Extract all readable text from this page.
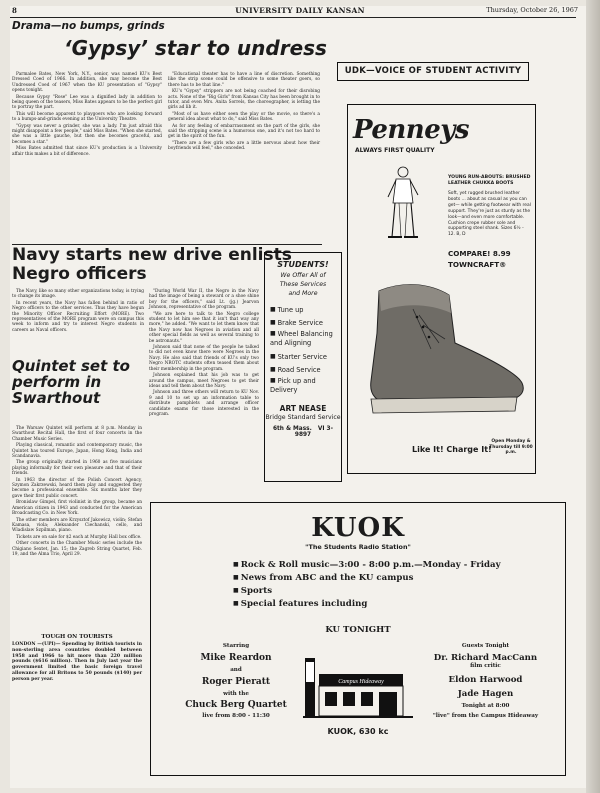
8	UNIVERSITY DAILY KANSAN	Thursday, October 26, 1967
Drama—no bumps, grinds
‘Gypsy’ star to undress

Parmalee Bates, New York, N.Y., senior, was named KU's Best Dressed Coed of 1966. In addition, she may become the Best Undressed Coed of 1967 when the KU presentation of "Gypsy" opens tonight.

Because Gypsy "Rose" Lee was a dignified lady in addition to being queen of the teasers, Miss Bates appears to be the perfect girl to portray the part.

This will become apparent to playgoers who are looking forward to a bumps-and-grinds evening at the University Theatre.

"Gypsy was never a grinder, she was a lady. I'm just afraid this might disappoint a few people," said Miss Bates. "When she started, she was a little gauche, but then she becomes graceful, and becomes a star."

Miss Bates admitted that since KU's production is a University affair this makes a bit of difference.

"Educational theater has to have a line of discretion. Something like the strip scene could be offensive to some theater goers, so there has to be that line."

KU's "Gypsy" strippers are not being coached for their disrobing acts. None of the "Big Girls" from Kansas City has been brought in to tutor, and even Mrs. Anita Sorrels, the choreographer, is letting the girls ad lib it.

"Most of us have either seen the play or the movie, so there's a general idea about what to do," said Miss Bates.

As for any feeling of embarrassment on the part of the girls, she said the stripping scene is a humorous one, and it's not too hard to get in the spirit of the fun.

"There are a few girls who are a little nervous about how their boyfriends will feel," she conceded.

UDK—VOICE OF STUDENT ACTIVITY
Navy starts new drive enlists Negro officers

The Navy, like so many other organizations today, is trying to change its image.

In recent years, the Navy has fallen behind in ratio of Negro officers to the other services. Thus they have begun the Minority Officer Recruiting Effort (MORE). Two representatives of the MORE program were on campus this week to inform and try to interest Negro students in careers as Naval officers.

"During World War II, the Negro in the Navy had the image of being a steward or a shoe shine boy for the officers," said Lt. (jg.) Jearvon Johnson, representative of the program.

"We are here to talk to the Negro college student to let him see that it isn't that way any more," he added. "We want to let them know that the Navy now has Negroes in aviation and all other special fields as well as several training to be astronauts."

Johnson said that none of the people he talked to did not even know there were Negroes in the Navy. He also said that friends of KU's only two Negro NROTC students often teased them about their membership in the program.

Johnson explained that his job was to get around the campus, meet Negroes to get their ideas and tell them about the Navy.

Johnson and three others will return to KU Nov. 9 and 10 to set up an information table to distribute pamphlets and arrange officer candidate exams for those interested in the program.

Quintet set to perform in Swarthout

The Warsaw Quintet will perform at 8 p.m. Monday in Swarthout Recital Hall, the first of four concerts in the Chamber Music Series.

Playing classical, romantic and contemporary music, the Quintet has toured Europe, Japan, Hong Kong, India and Scandanavia.

The group originally started in 1960 as five musicians playing informally for their own pleasure and that of their friends.

In 1963 the director of the Polish Concert Agency, Szymon Zakrzewski, heard them play and suggested they become a professional ensemble. Six months later they gave their first public concert.

Bronislaw Gimpel, first violinist in the group, became an American citizen in 1943 and conducted for the American Broadcasting Co. in New York.

The other members are Krzysztof Jakowicz, violin; Stefan Kamasa, viola; Aleksander Ciechanski, cello, and Wladislaw Szpilman, piano.

Tickets are on sale for $2 each at Murphy Hall box office.

Other concerts in the Chamber Music series include the Chigiano Sextet, Jan. 15; the Zagreb String Quartet, Feb. 19, and the Alma Trio, April 29.

TOUGH ON TOURISTS
LONDON —(UPI)— Spending by British tourists in non-sterling area countries doubled between 1958 and 1966 to hit more than 220 million pounds ($616 million). Then in July last year the government limited the basic foreign travel allowance for all Britons to 50 pounds ($140) per person per year.
STUDENTS!
We Offer All of
These Services
and More
■ Tune up
■ Brake Service
■ Wheel Balancing and Aligning
■ Starter Service
■ Road Service
■ Pick up and Delivery
ART NEASE
Bridge Standard Service
6th & Mass. VI 3-9897
Penneys
ALWAYS FIRST QUALITY
YOUNG RUN-ABOUTS: BRUSHED LEATHER CHUKKA BOOTS
Soft, yet rugged brushed leather boots ... about as casual as you can get— while getting footwear with real support. They're just as sturdy as the look—and even more comfortable. Cushion crepe rubber sole and supporting steel shank. Sizes 6½ - 12. B, D
COMPARE! 8.99
TOWNCRAFT®
Like It! Charge It!
Open Monday & Thursday till 9:00 p.m.
KUOK
"The Students Radio Station"
■ Rock & Roll music—3:00 - 8:00 p.m.—Monday - Friday
■ News from ABC and the KU campus
■ Sports
■ Special features including
KU TONIGHT
Starring
Mike Reardon
and
Roger Pieratt
with the
Chuck Berg Quartet
live from 8:00 - 11:30
Campus Hideaway
KUOK, 630 kc
Guests Tonight
Dr. Richard MacCann
film critic
Eldon Harwood
Jade Hagen
Tonight at 8:00
"live" from the Campus Hideaway
